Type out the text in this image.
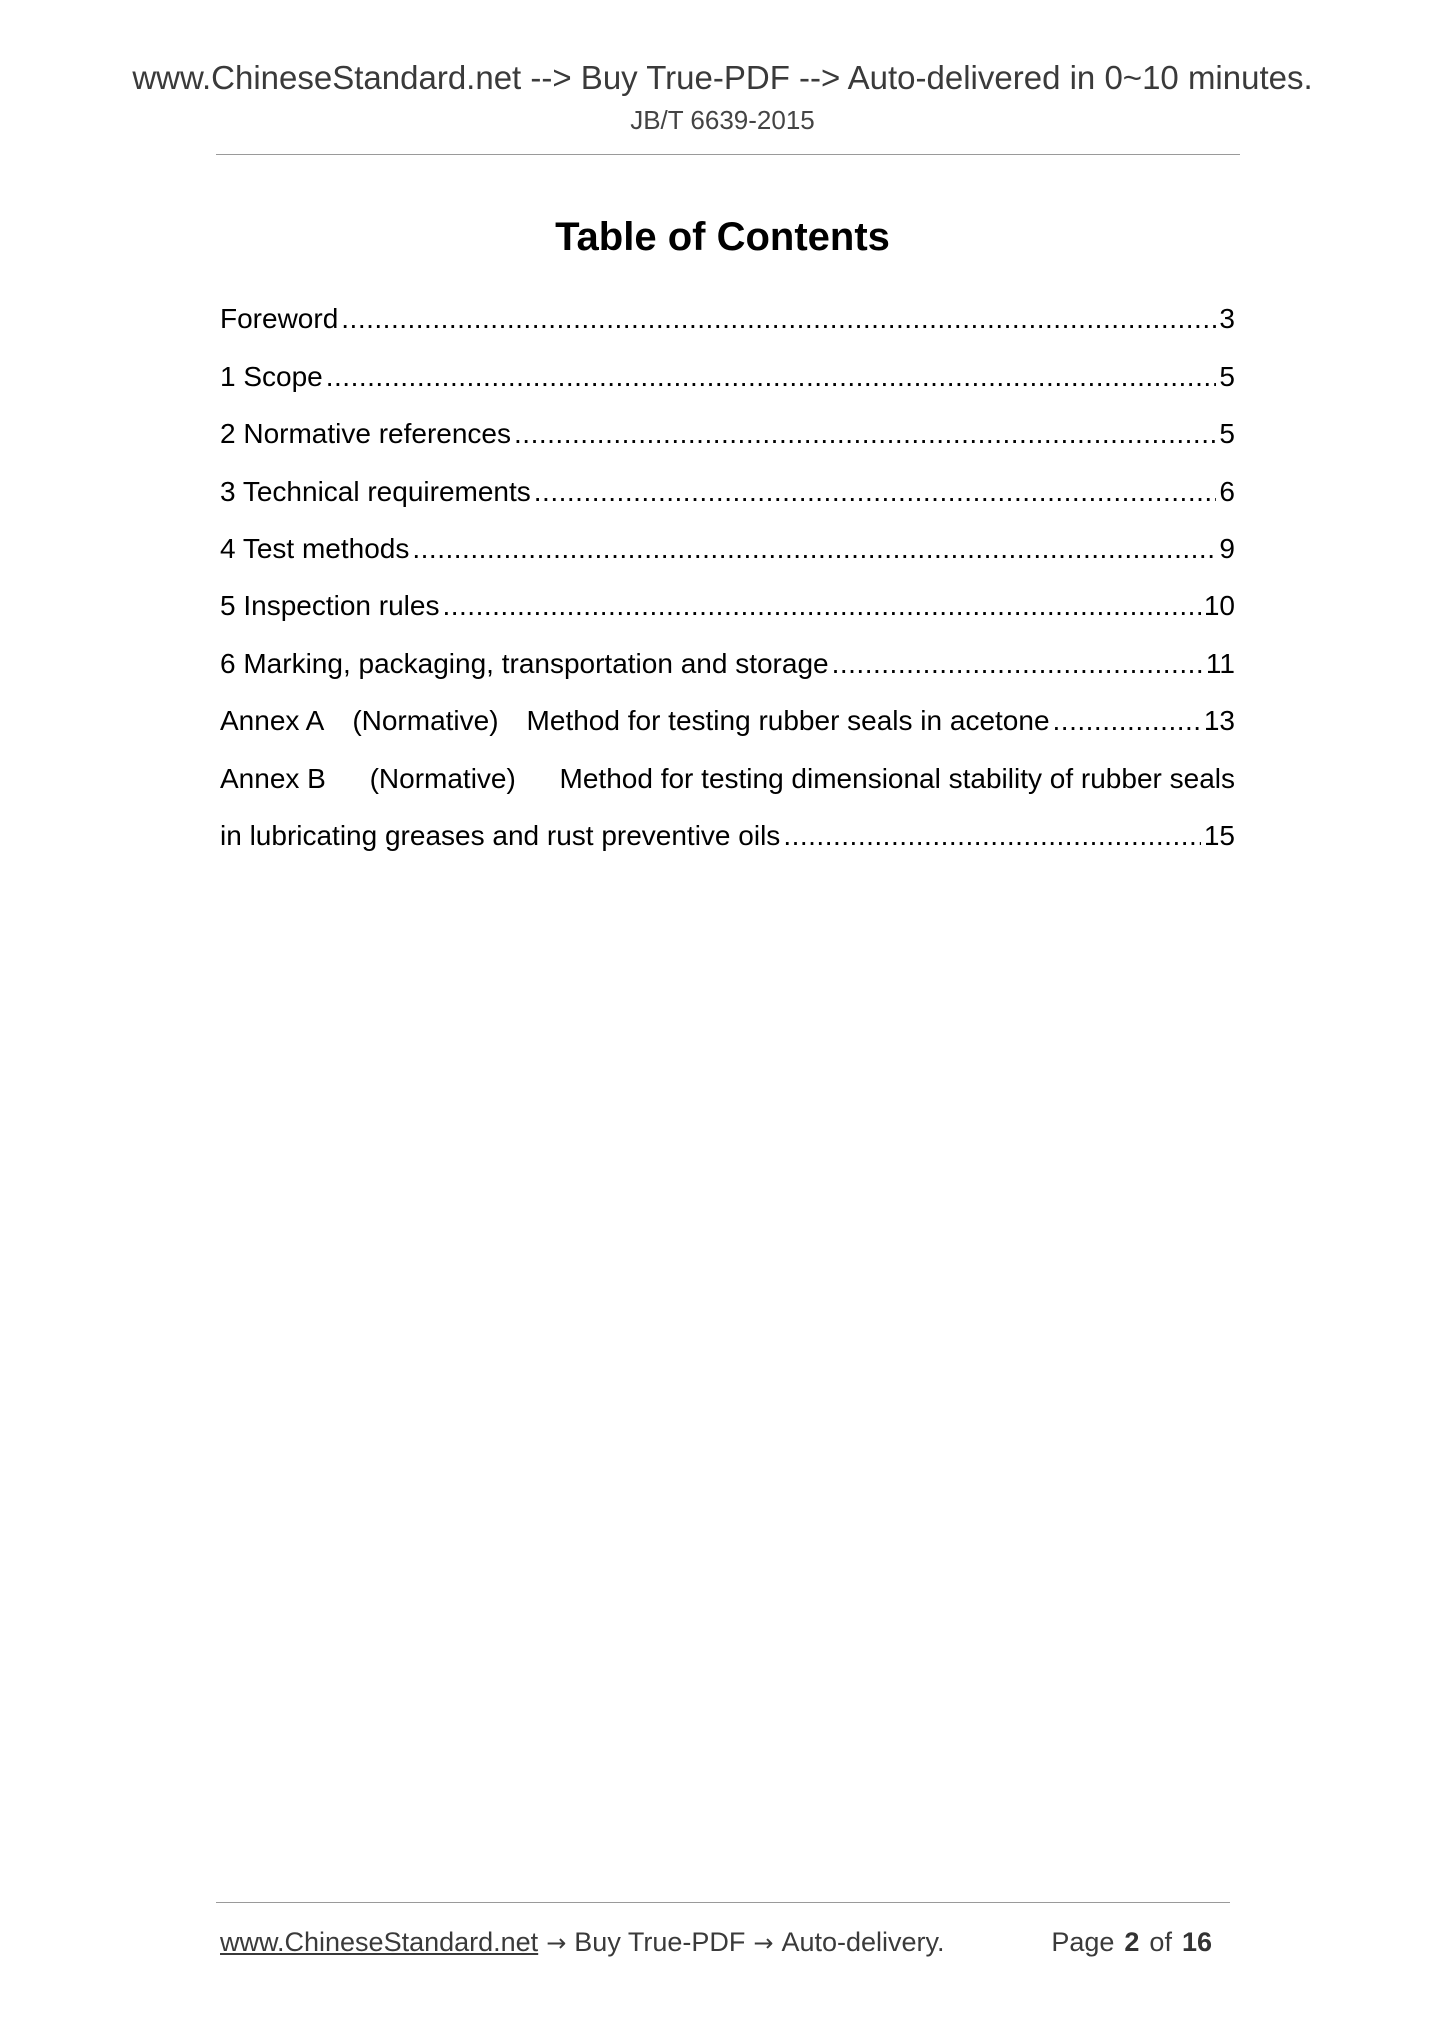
www.ChineseStandard.net --> Buy True-PDF --> Auto-delivered in 0~10 minutes.
JB/T 6639-2015
Table of Contents
Foreword .....	3
1 Scope .....	5
2 Normative references .....	5
3 Technical requirements .....	6
4 Test methods .....	9
5 Inspection rules .....	10
6 Marking, packaging, transportation and storage .....	11
Annex A (Normative) Method for testing rubber seals in acetone .....	13
Annex B (Normative) Method for testing dimensional stability of rubber seals
in lubricating greases and rust preventive oils .....	15
www.ChineseStandard.net → Buy True-PDF → Auto-delivery.	Page 2 of 16
